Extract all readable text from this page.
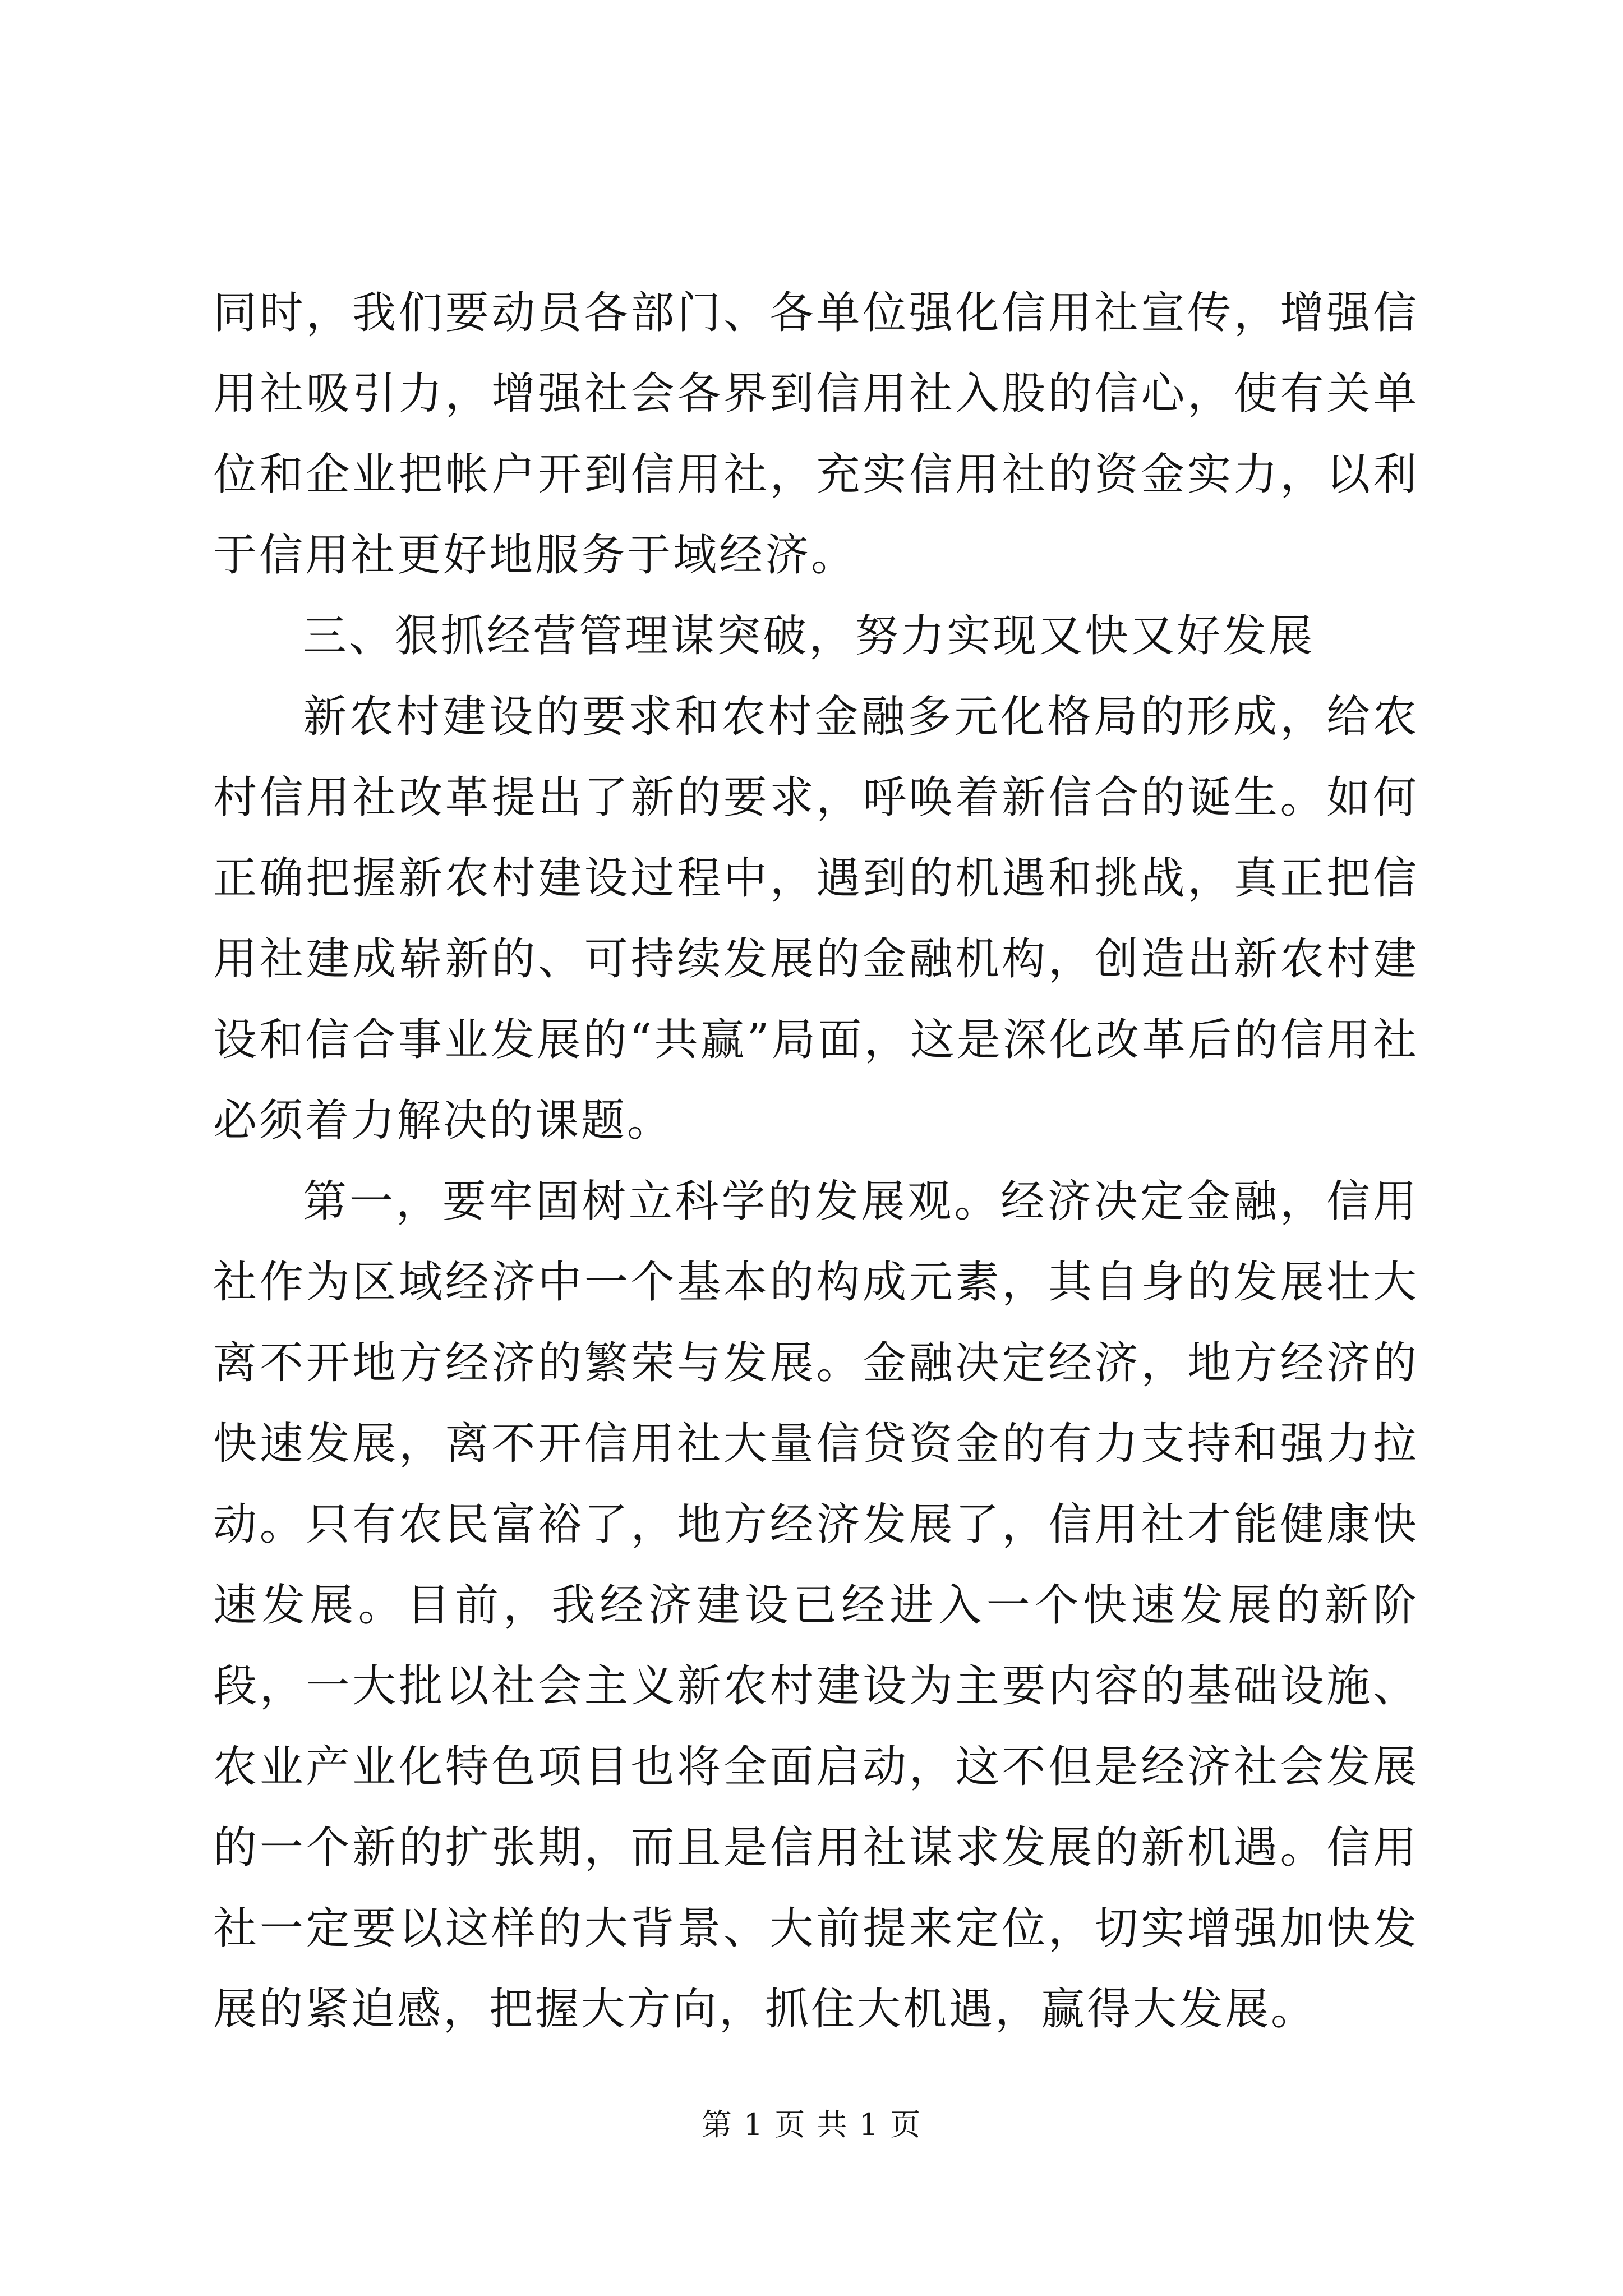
同时，我们要动员各部门、各单位强化信用社宣传，增强信用社吸引力，增强社会各界到信用社入股的信心，使有关单位和企业把帐户开到信用社，充实信用社的资金实力，以利于信用社更好地服务于域经济。

三、狠抓经营管理谋突破，努力实现又快又好发展

新农村建设的要求和农村金融多元化格局的形成，给农村信用社改革提出了新的要求，呼唤着新信合的诞生。如何正确把握新农村建设过程中，遇到的机遇和挑战，真正把信用社建成崭新的、可持续发展的金融机构，创造出新农村建设和信合事业发展的“共赢”局面，这是深化改革后的信用社必须着力解决的课题。

第一，要牢固树立科学的发展观。经济决定金融，信用社作为区域经济中一个基本的构成元素，其自身的发展壮大离不开地方经济的繁荣与发展。金融决定经济，地方经济的快速发展，离不开信用社大量信贷资金的有力支持和强力拉动。只有农民富裕了，地方经济发展了，信用社才能健康快速发展。目前，我经济建设已经进入一个快速发展的新阶段，一大批以社会主义新农村建设为主要内容的基础设施、农业产业化特色项目也将全面启动，这不但是经济社会发展的一个新的扩张期，而且是信用社谋求发展的新机遇。信用社一定要以这样的大背景、大前提来定位，切实增强加快发展的紧迫感，把握大方向，抓住大机遇，赢得大发展。

第 1 页 共 1 页
